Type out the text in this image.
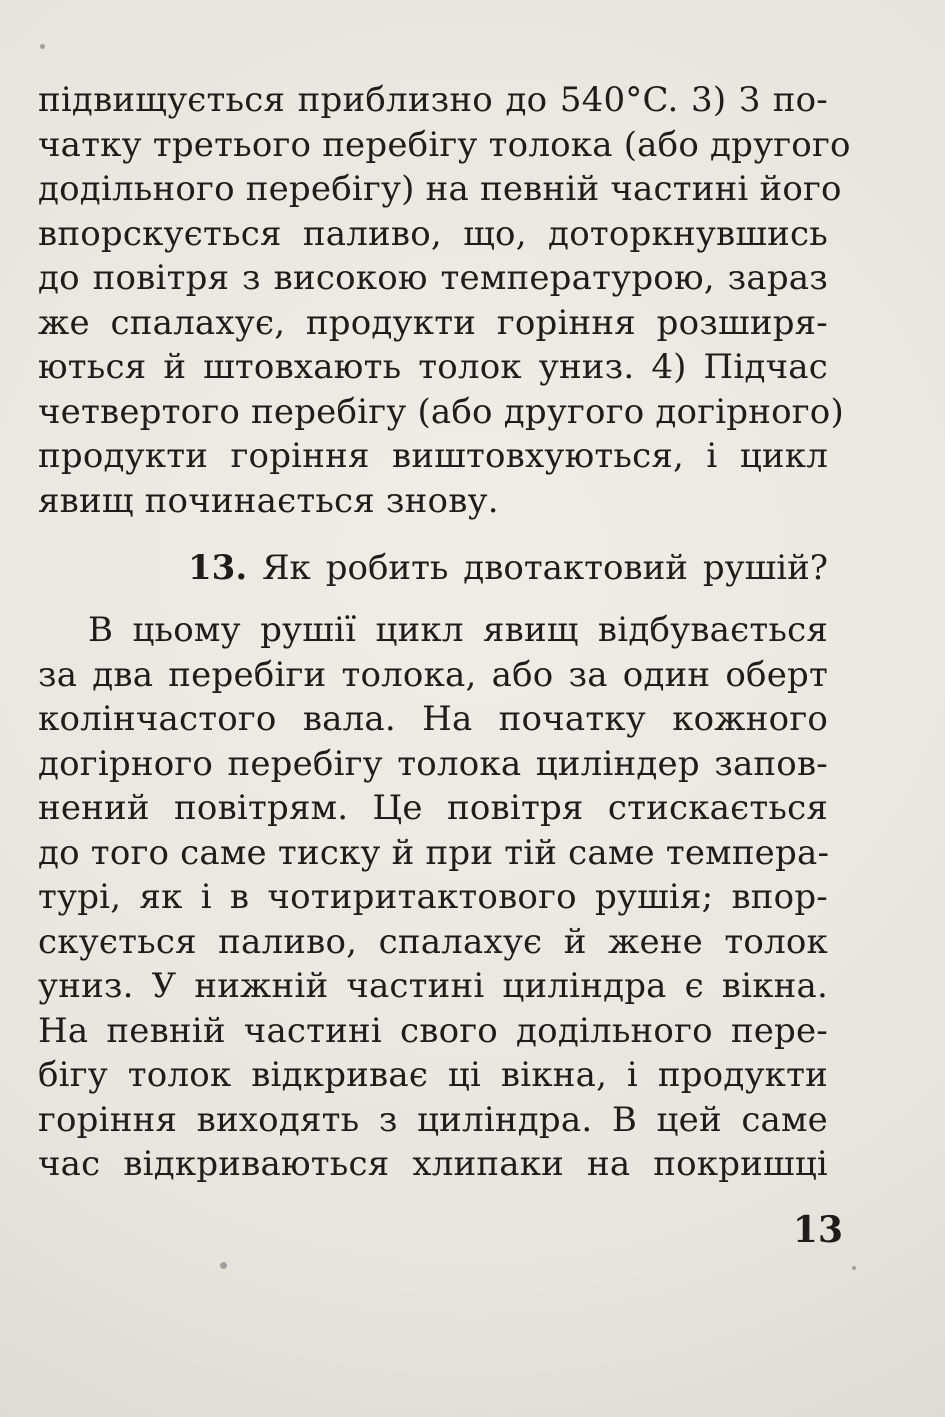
підвищується приблизно до 540°C. 3) З по-
чатку третього перебігу толока (або другого
додільного перебігу) на певній частині його
впорскується паливо, що, доторкнувшись
до повітря з високою температурою, зараз
же спалахує, продукти горіння розширя-
ються й штовхають толок униз. 4) Підчас
четвертого перебігу (або другого догірного)
продукти горіння виштовхуються, і цикл
явищ починається знову.
13. Як робить двотактовий рушій?
В цьому рушії цикл явищ відбувається
за два перебіги толока, або за один оберт
колінчастого вала. На початку кожного
догірного перебігу толока циліндер запов-
нений повітрям. Це повітря стискається
до того саме тиску й при тій саме темпера-
турі, як і в чотиритактового рушія; впор-
скується паливо, спалахує й жене толок
униз. У нижній частині циліндра є вікна.
На певній частині свого додільного пере-
бігу толок відкриває ці вікна, і продукти
горіння виходять з циліндра. В цей саме
час відкриваються хлипаки на покришці
13
